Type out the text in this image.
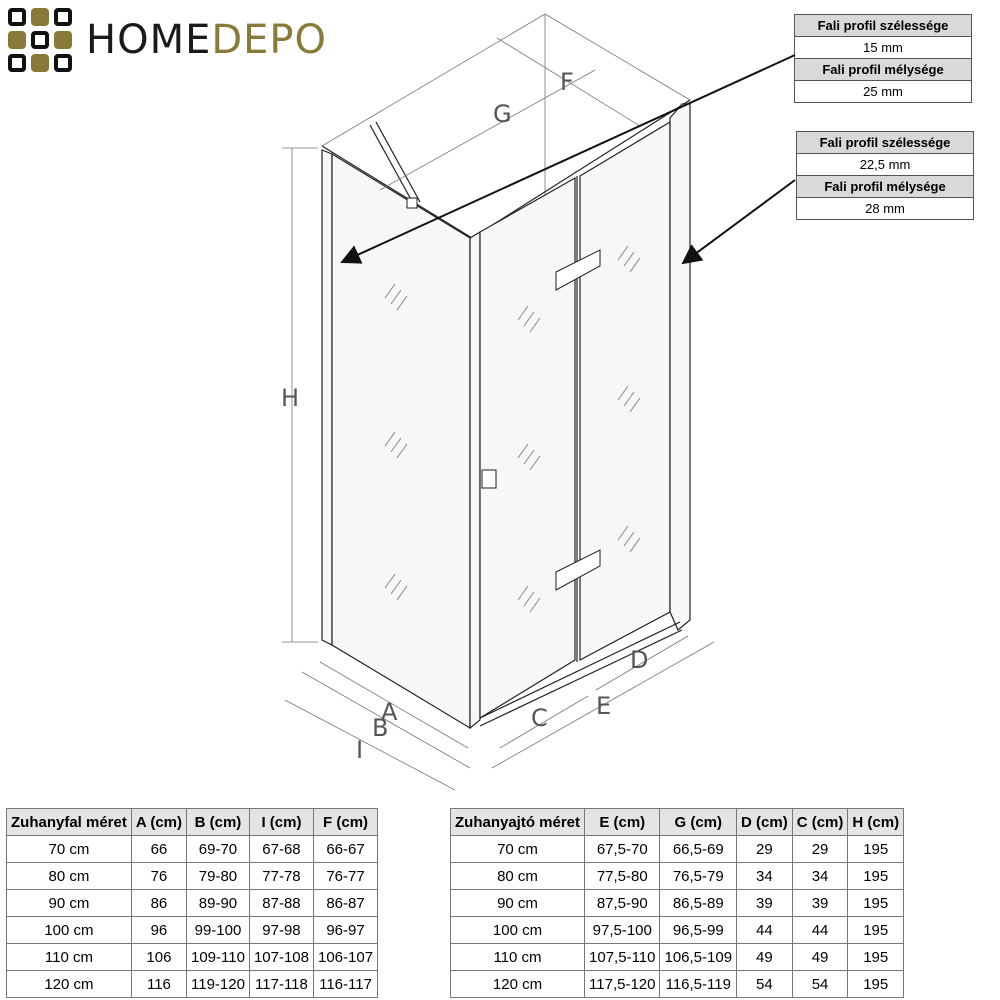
HOMEDEPO	Fali profil szélessége
15 mm
Fali profil mélysége
25 mm
Fali profil szélessége
22,5 mm
Fali profil mélysége
28 mm
H
A
B
I
C
D
E
F
G
Zuhanyfal méret	A (cm)	B (cm)	I (cm)	F (cm)
70 cm	66	69-70	67-68	66-67
80 cm	76	79-80	77-78	76-77
90 cm	86	89-90	87-88	86-87
100 cm	96	99-100	97-98	96-97
110 cm	106	109-110	107-108	106-107
120 cm	116	119-120	117-118	116-117
Zuhanyajtó méret	E (cm)	G (cm)	D (cm)	C (cm)	H (cm)
70 cm	67,5-70	66,5-69	29	29	195
80 cm	77,5-80	76,5-79	34	34	195
90 cm	87,5-90	86,5-89	39	39	195
100 cm	97,5-100	96,5-99	44	44	195
110 cm	107,5-110	106,5-109	49	49	195
120 cm	117,5-120	116,5-119	54	54	195
